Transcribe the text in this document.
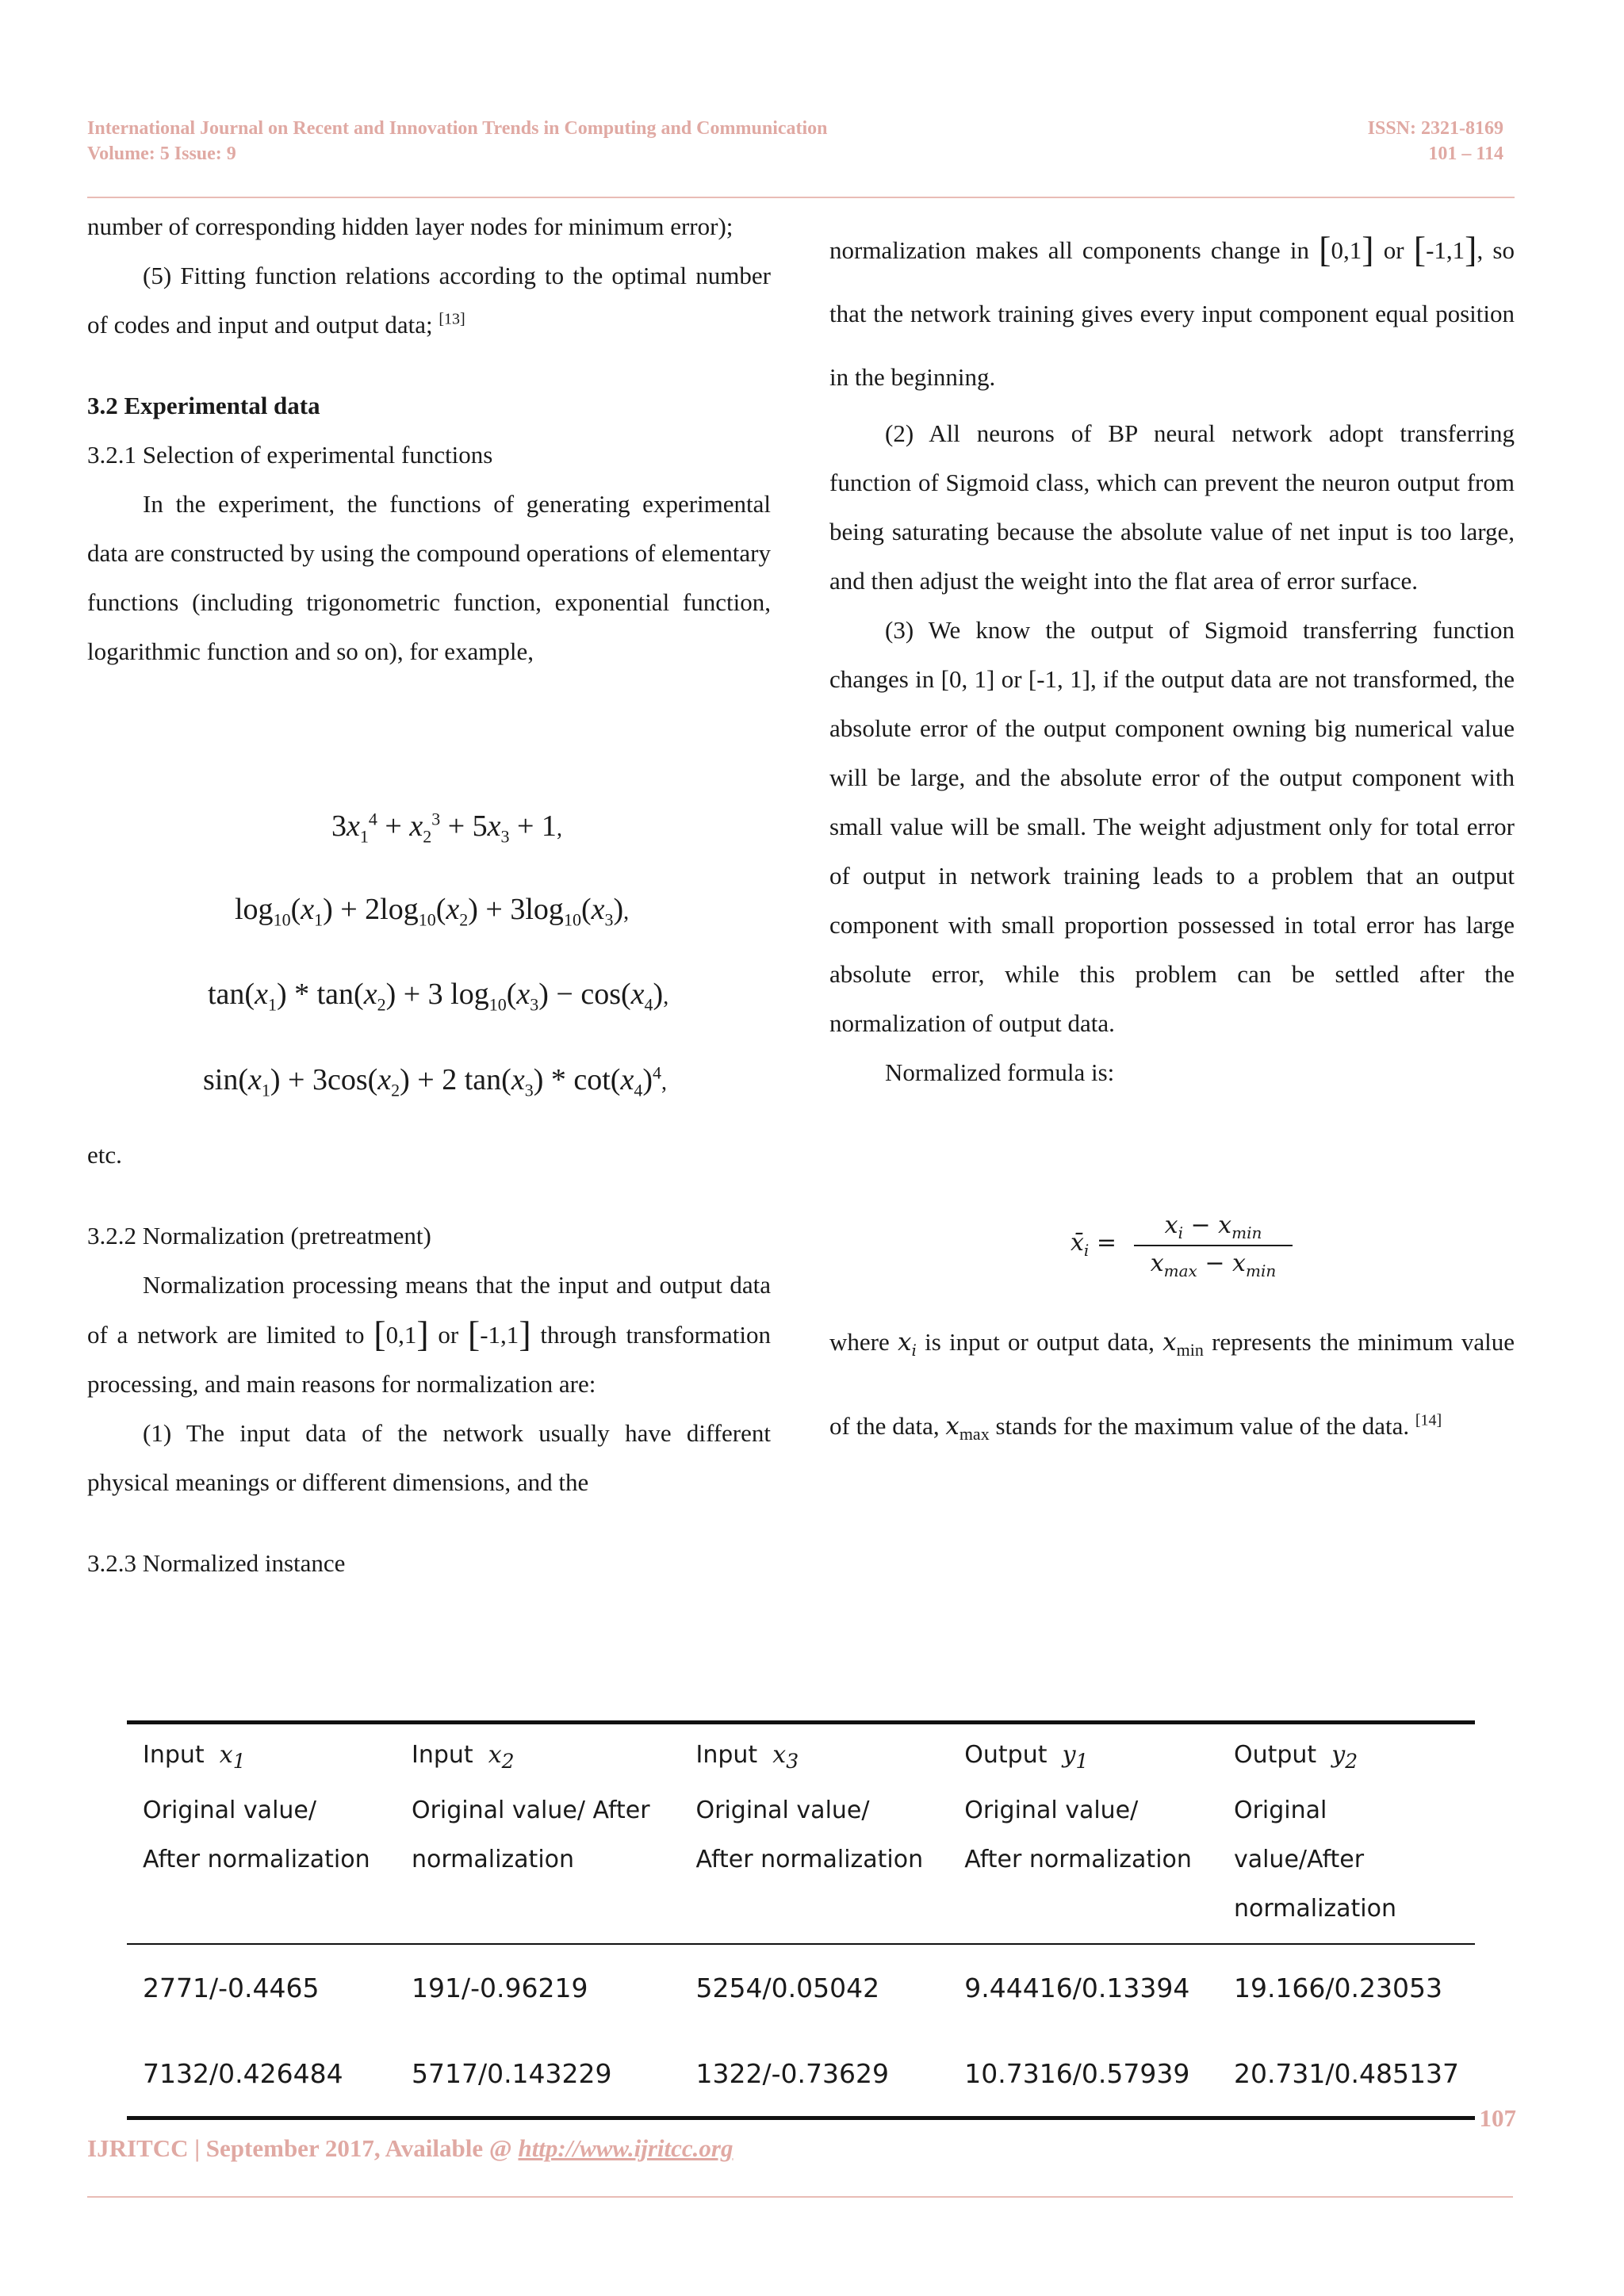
International Journal on Recent and Innovation Trends in Computing and Communication
Volume: 5 Issue: 9
ISSN: 2321-8169
101 – 114

number of corresponding hidden layer nodes for minimum error);

(5) Fitting function relations according to the optimal number of codes and input and output data; [13]

3.2 Experimental data

3.2.1 Selection of experimental functions

In the experiment, the functions of generating experimental data are constructed by using the compound operations of elementary functions (including trigonometric function, exponential function, logarithmic function and so on), for example,

$3x_1^4 + x_2^3 + 5x_3 + 1$,
$\log_{10}(x_1) + 2\log_{10}(x_2) + 3\log_{10}(x_3)$,
$\tan(x_1) * \tan(x_2) + 3$ $\log_{10}(x_3) - \cos(x_4)$,
$\sin(x_1) + 3\cos(x_2) + 2$ $\tan(x_3) * \cot(x_4)^4$,

etc.

3.2.2 Normalization (pretreatment)

Normalization processing means that the input and output data of a network are limited to [0,1] or [-1,1] through transformation processing, and main reasons for normalization are:

(1) The input data of the network usually have different physical meanings or different dimensions, and the

3.2.3 Normalized instance

normalization makes all components change in [0,1] or [-1,1], so that the network training gives every input component equal position in the beginning.

(2) All neurons of BP neural network adopt transferring function of Sigmoid class, which can prevent the neuron output from being saturating because the absolute value of net input is too large, and then adjust the weight into the flat area of error surface.

(3) We know the output of Sigmoid transferring function changes in [0, 1] or [-1, 1], if the output data are not transformed, the absolute error of the output component owning big numerical value will be large, and the absolute error of the output component with small value will be small. The weight adjustment only for total error of output in network training leads to a problem that an output component with small proportion possessed in total error has large absolute error, while this problem can be settled after the normalization of output data.

Normalized formula is:

$x̄_i$ =
$x_i - x_{min}$
$x_{max} - x_{min}$

where $x_i$ is input or output data, $x_{min}$ represents the minimum value of the data, $x_{max}$ stands for the maximum value of the data. [14]

Input $x_1$	Input $x_2$	Input $x_3$	Output $y_1$	Output $y_2$
Original value/ After normalization	Original value/ After normalization	Original value/ After normalization	Original value/ After normalization	Original value/After normalization
2771/-0.4465	191/-0.96219	5254/0.05042	9.44416/0.13394	19.166/0.23053
7132/0.426484	5717/0.143229	1322/-0.73629	10.7316/0.57939	20.731/0.485137
107
IJRITCC | September 2017, Available @ http://www.ijritcc.org
